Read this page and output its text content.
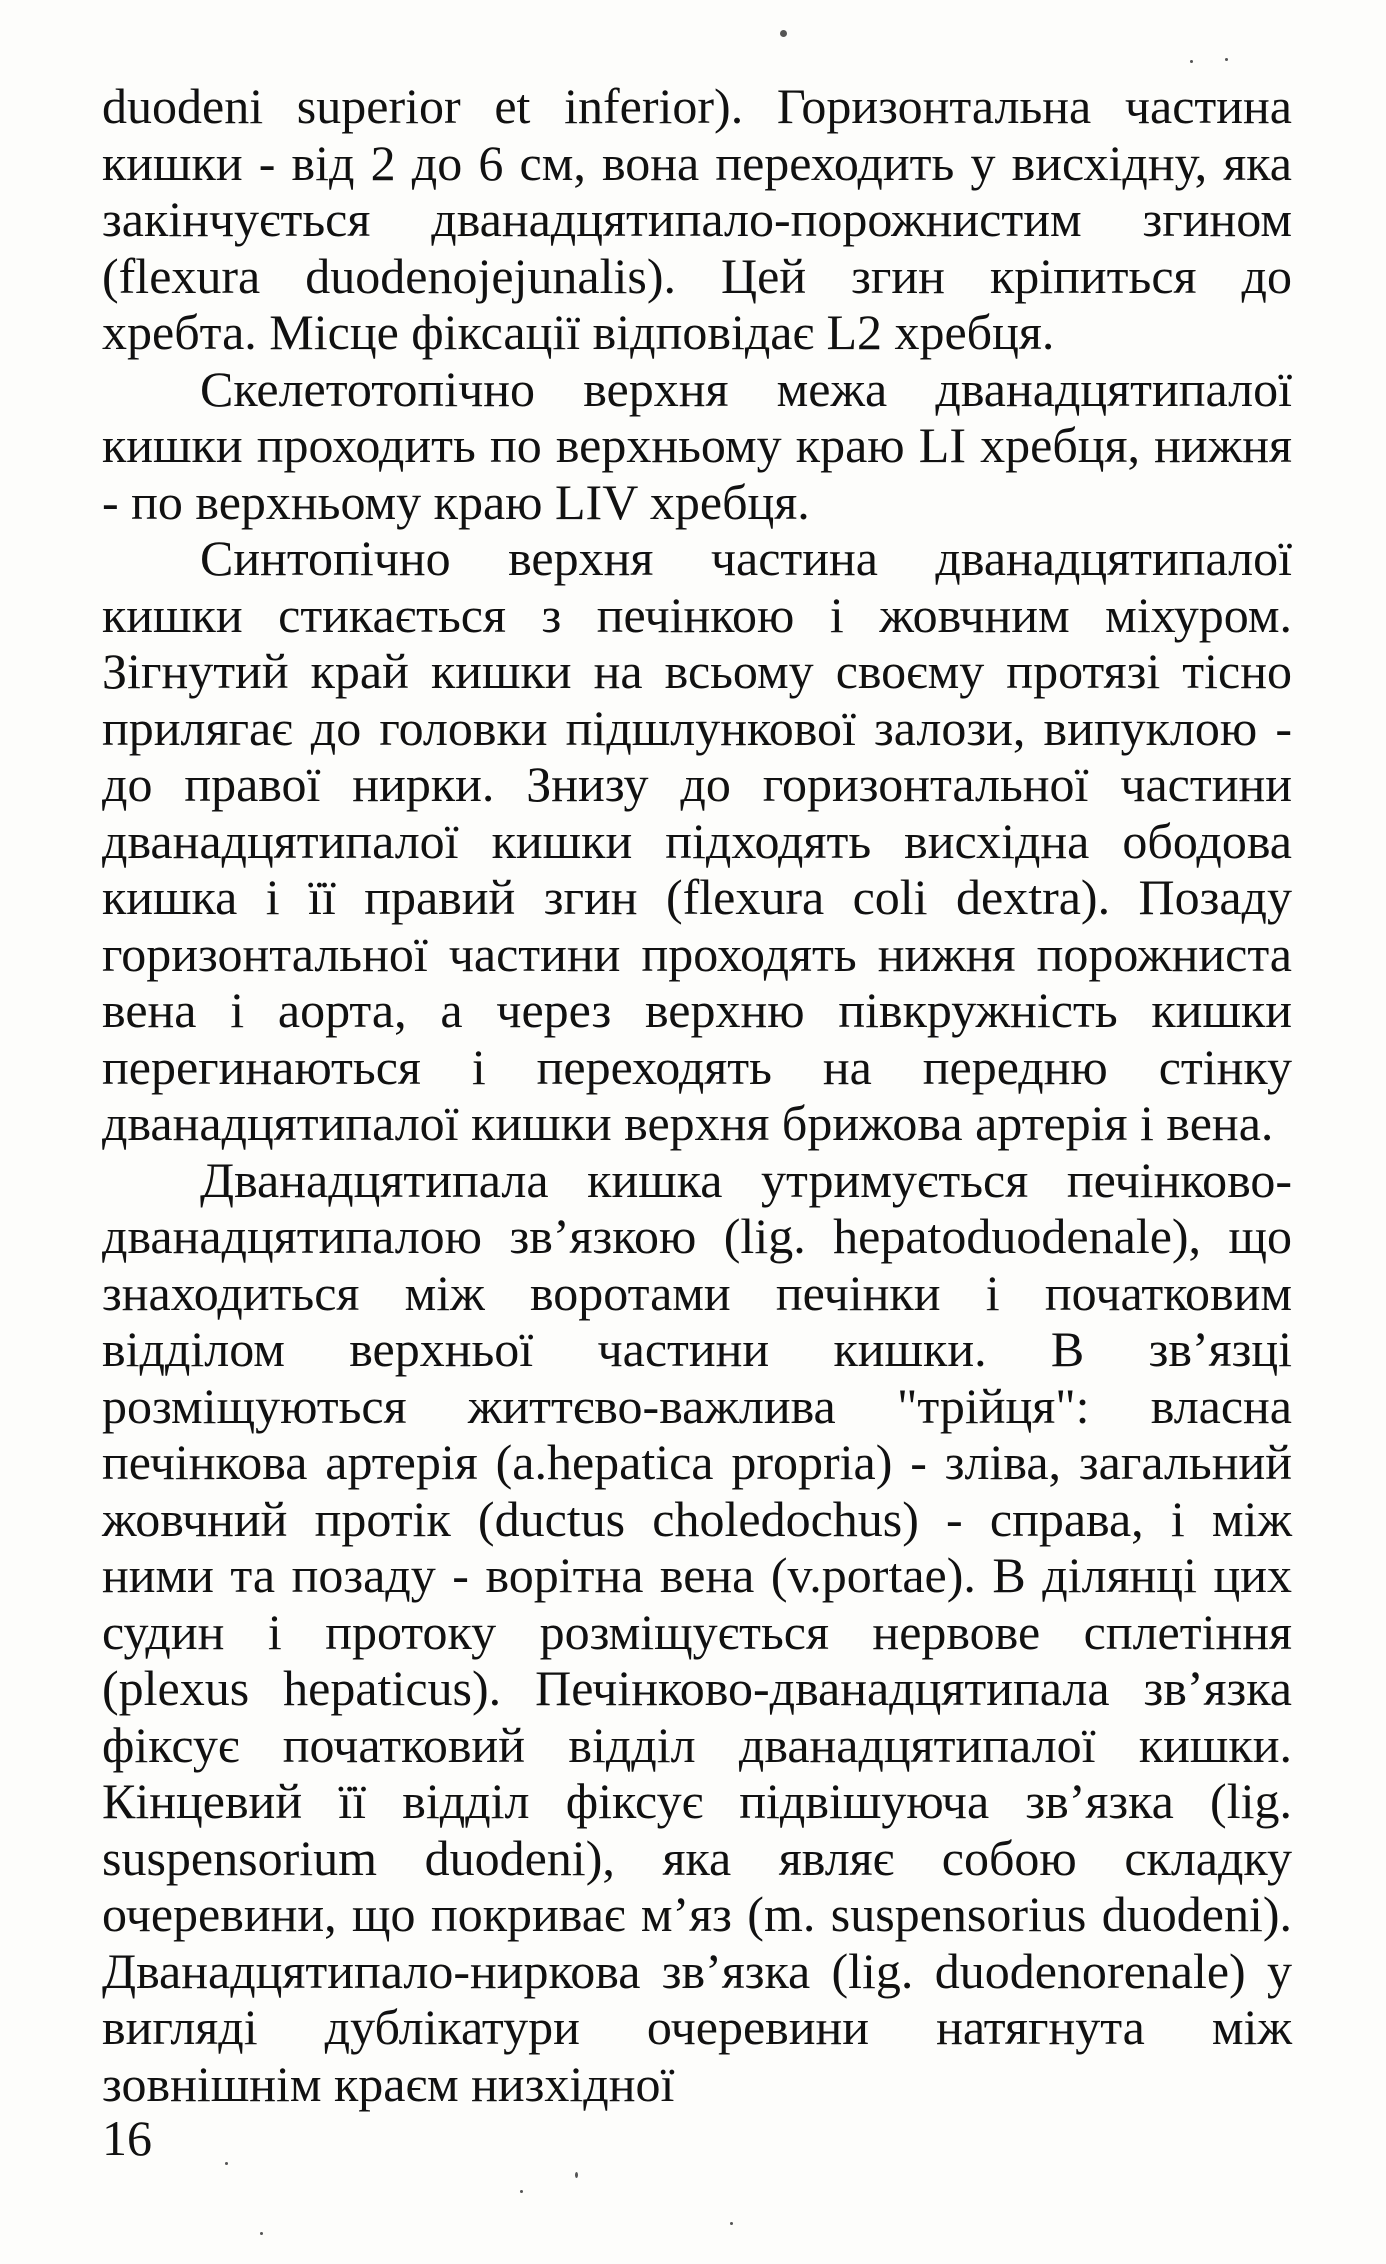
duodeni superior et inferior). Горизонтальна частина кишки - від 2 до 6 см, вона переходить у висхідну, яка закінчується дванадцятипало-порожнистим згином (flexura duodenojejunalis). Цей згин кріпиться до хребта. Місце фіксації відповідає L2 хребця.

Скелетотопічно верхня межа дванадцятипалої кишки проходить по верхньому краю LI хребця, нижня - по верхньому краю LIV хребця.

Синтопічно верхня частина дванадцятипалої кишки стикається з печінкою і жовчним міхуром. Зігнутий край кишки на всьому своєму протязі тісно прилягає до головки підшлункової залози, випуклою - до правої нирки. Знизу до горизонтальної частини дванадцятипалої кишки підходять висхідна ободова кишка і її правий згин (flexura coli dextra). Позаду горизонтальної частини проходять нижня порожниста вена і аорта, а через верхню півкружність кишки перегинаються і переходять на передню стінку дванадцятипалої кишки верхня брижова артерія і вена.

Дванадцятипала кишка утримується печінково-дванадцятипалою зв’язкою (lig. hepatoduodenale), що знаходиться між воротами печінки і початковим відділом верхньої частини кишки. В зв’язці розміщуються життєво-важлива "трійця": власна печінкова артерія (a.hepatica propria) - зліва, загальний жовчний протік (ductus choledochus) - справа, і між ними та позаду - ворітна вена (v.portae). В ділянці цих судин і протоку розміщується нервове сплетіння (plexus hepaticus). Печінково-дванадцятипала зв’язка фіксує початковий відділ дванадцятипалої кишки. Кінцевий її відділ фіксує підвішуюча зв’язка (lig. suspensorium duodeni), яка являє собою складку очеревини, що покриває м’яз (m. suspensorius duodeni). Дванадцятипало-ниркова зв’язка (lig. duodenorenale) у вигляді дублікатури очеревини натягнута між зовнішнім краєм низхідної

16
